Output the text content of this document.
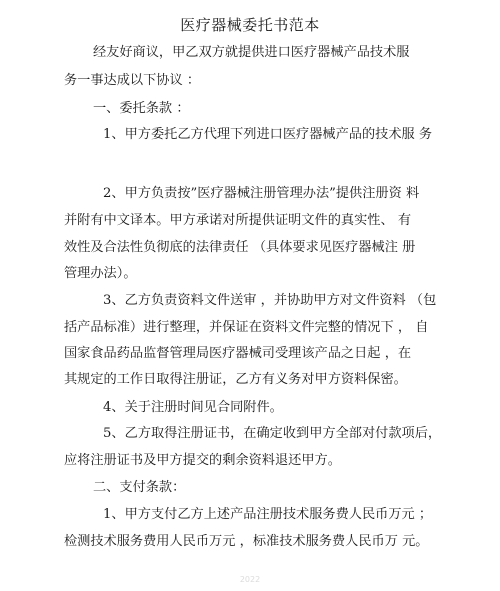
医疗器械委托书范本
经友好商议，甲乙双方就提供进口医疗器械产品技术服
务一事达成以下协议 ：
一、委托条款 ：
1、甲方委托乙方代理下列进口医疗器械产品的技术服 务
2、甲方负责按”医疗器械注册管理办法”提供注册资 料
并附有中文译本。甲方承诺对所提供证明文件的真实性、 有
效性及合法性负彻底的法律责任 （具体要求见医疗器械注 册
管理办法）。
3、乙方负责资料文件送审 ，并协助甲方对文件资料 （包
括产品标准）进行整理，并保证在资料文件完整的情况下 ， 自
国家食品药品监督管理局医疗器械司受理该产品之日起 ，在
其规定的工作日取得注册证，乙方有义务对甲方资料保密。
4、关于注册时间见合同附件。
5、乙方取得注册证书，在确定收到甲方全部对付款项后，
应将注册证书及甲方提交的剩余资料退还甲方。
二、支付条款：
1、甲方支付乙方上述产品注册技术服务费人民币万元 ；
检测技术服务费用人民币万元 ，标准技术服务费人民币万 元。
2022
